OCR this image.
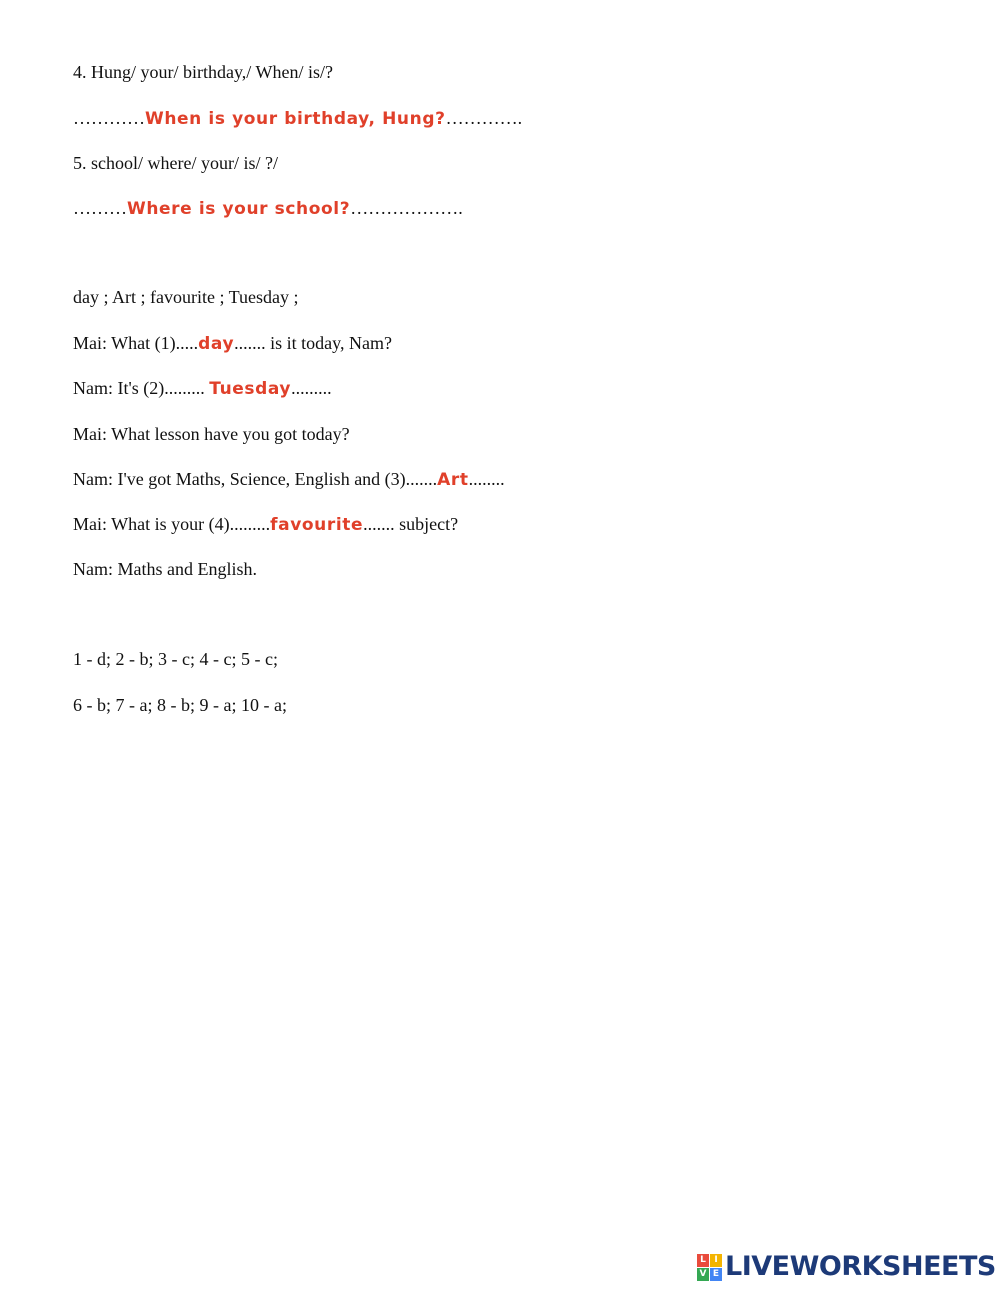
4. Hung/ your/ birthday,/ When/ is/?
…………When is your birthday, Hung?………….
5. school/ where/ your/ is/ ?/
………Where is your school?……………….
day ; Art ; favourite ; Tuesday ;
Mai: What (1).....day....... is it today, Nam?
Nam: It's (2)......... Tuesday.........
Mai: What lesson have you got today?
Nam: I've got Maths, Science, English and (3).......Art........
Mai: What is your (4).........favourite....... subject?
Nam: Maths and English.
1 - d; 2 - b; 3 - c; 4 - c; 5 - c;
6 - b; 7 - a; 8 - b; 9 - a; 10 - a;
L I
V E LIVEWORKSHEETS
